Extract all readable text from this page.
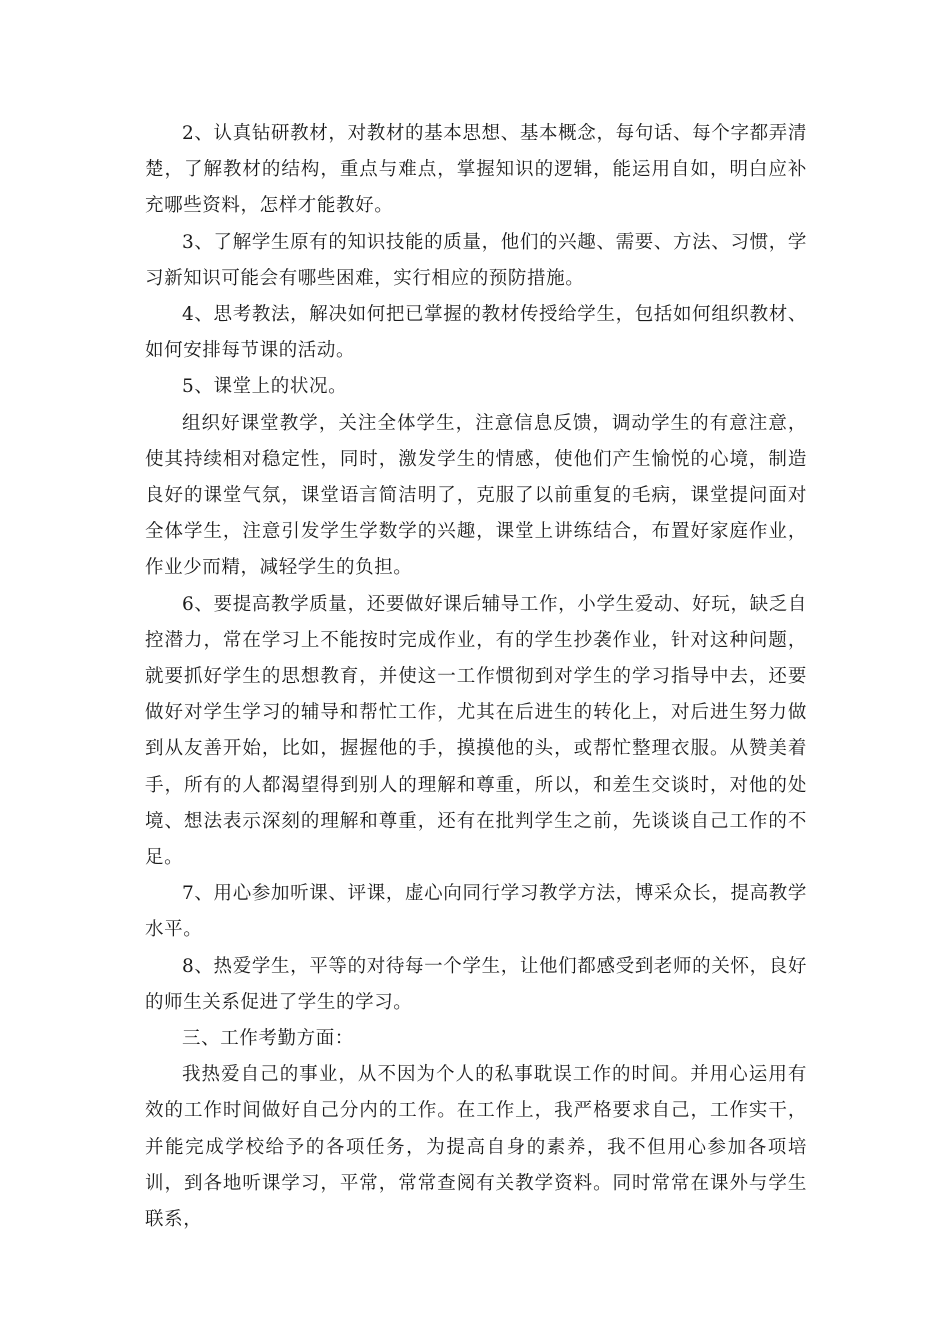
2、认真钻研教材，对教材的基本思想、基本概念，每句话、每个字都弄清楚，了解教材的结构，重点与难点，掌握知识的逻辑，能运用自如，明白应补充哪些资料，怎样才能教好。

3、了解学生原有的知识技能的质量，他们的兴趣、需要、方法、习惯，学习新知识可能会有哪些困难，实行相应的预防措施。

4、思考教法，解决如何把已掌握的教材传授给学生，包括如何组织教材、如何安排每节课的活动。

5、课堂上的状况。

组织好课堂教学，关注全体学生，注意信息反馈，调动学生的有意注意，使其持续相对稳定性，同时，激发学生的情感，使他们产生愉悦的心境，制造良好的课堂气氛，课堂语言简洁明了，克服了以前重复的毛病，课堂提问面对全体学生，注意引发学生学数学的兴趣，课堂上讲练结合，布置好家庭作业，作业少而精，减轻学生的负担。

6、要提高教学质量，还要做好课后辅导工作，小学生爱动、好玩，缺乏自控潜力，常在学习上不能按时完成作业，有的学生抄袭作业，针对这种问题，就要抓好学生的思想教育，并使这一工作惯彻到对学生的学习指导中去，还要做好对学生学习的辅导和帮忙工作，尤其在后进生的转化上，对后进生努力做到从友善开始，比如，握握他的手，摸摸他的头，或帮忙整理衣服。从赞美着手，所有的人都渴望得到别人的理解和尊重，所以，和差生交谈时，对他的处境、想法表示深刻的理解和尊重，还有在批判学生之前，先谈谈自己工作的不足。

7、用心参加听课、评课，虚心向同行学习教学方法，博采众长，提高教学水平。

8、热爱学生，平等的对待每一个学生，让他们都感受到老师的关怀，良好的师生关系促进了学生的学习。

三、工作考勤方面：

我热爱自己的事业，从不因为个人的私事耽误工作的时间。并用心运用有效的工作时间做好自己分内的工作。在工作上，我严格要求自己，工作实干，并能完成学校给予的各项任务，为提高自身的素养，我不但用心参加各项培训，到各地听课学习，平常，常常查阅有关教学资料。同时常常在课外与学生联系，
